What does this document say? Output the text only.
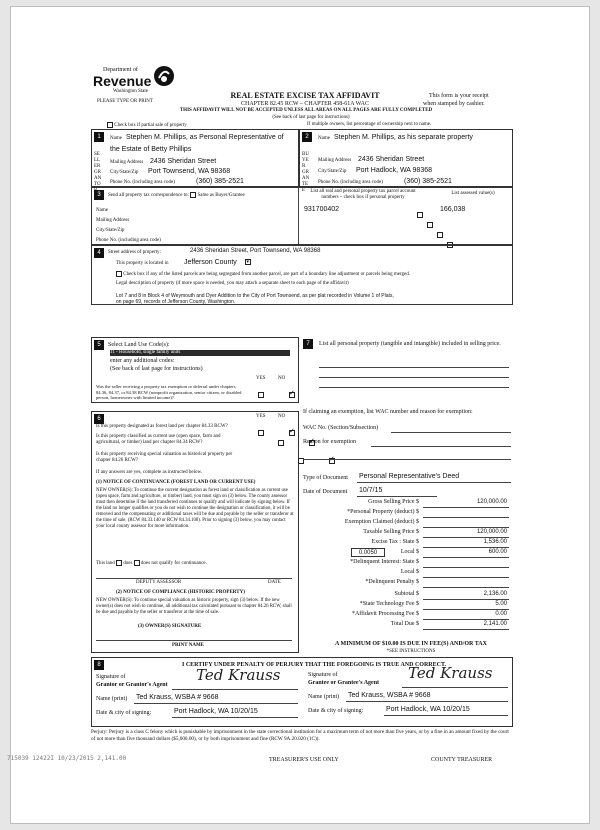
Department of
Revenue
Washington State
PLEASE TYPE OR PRINT
REAL ESTATE EXCISE TAX AFFIDAVIT
CHAPTER 82.45 RCW – CHAPTER 458-61A WAC
THIS AFFIDAVIT WILL NOT BE ACCEPTED UNLESS ALL AREAS ON ALL PAGES ARE FULLY COMPLETED
(See back of last page for instructions)
This form is your receipt
when stamped by cashier.
Check box if partial sale of property	If multiple owners, list percentage of ownership next to name.
1
SELLER GRANTO
Name Stephen M. Phillips, as Personal Representative of
the Estate of Betty Phillips
Mailing Address 2436 Sheridan Street
City/State/Zip Port Townsend, WA 98368
Phone No. (including area code)	(360) 385-2521
2
BUYER GRANTEE
Name Stephen M. Phillips, as his separate property
Mailing Address 2436 Sheridan Street
City/State/Zip Port Hadlock, WA 98368
Phone No. (including area code)	(360) 385-2521
3	Send all property tax correspondence to: Same as Buyer/Grantee
Name
Mailing Address
City/State/Zip
Phone No. (including area code)
List all real and personal property tax parcel account numbers – check box if personal property
List assessed value(s)
931700402	166,038

4	Street address of property:	2436 Sheridan Street, Port Townsend, WA 98368
This property is located in Jefferson County ▾
Check box if any of the listed parcels are being segregated from another parcel, are part of a boundary line adjustment or parcels being merged.
Legal description of property (if more space is needed, you may attach a separate sheet to each page of the affidavit)
Lot 7 and 8 in Block 4 of Weymouth and Dyer Addition to the City of Port Townsend, as per plat recorded in Volume 1 of Plats,
on page 69, records of Jefferson County, Washington.
5	Select Land Use Code(s):
11 - Household, single family units
enter any additional codes:
(See back of last page for instructions)
YES	NO
Was the seller receiving a property tax exemption or deferral under chapters 84.36, 84.37, or 84.38 RCW (nonprofit organization, senior citizen, or disabled person, homeowner with limited income)?
✓
6	YES	NO
Is this property designated as forest land per chapter 84.33 RCW?
✓
Is this property classified as current use (open space, farm and agricultural, or timber) land per chapter 84.34 RCW?
✓
Is this property receiving special valuation as historical property per chapter 84.26 RCW?
✓
If any answers are yes, complete as instructed below.
(1) NOTICE OF CONTINUANCE (FOREST LAND OR CURRENT USE)
NEW OWNER(S): To continue the current designation as forest land or classification as current use (open space, farm and agriculture, or timber) land, you must sign on (3) below. The county assessor must then determine if the land transferred continues to qualify and will indicate by signing below. If the land no longer qualifies or you do not wish to continue the designation or classification, it will be removed and the compensating or additional taxes will be due and payable by the seller or transferor at the time of sale. (RCW 84.33.140 or RCW 84.34.108). Prior to signing (3) below, you may contact your local county assessor for more information.
This land does does not qualify for continuance.
DEPUTY ASSESSOR	DATE
(2) NOTICE OF COMPLIANCE (HISTORIC PROPERTY)
NEW OWNER(S): To continue special valuation as historic property, sign (3) below. If the new owner(s) does not wish to continue, all additional tax calculated pursuant to chapter 84.26 RCW, shall be due and payable by the seller or transferor at the time of sale.
(3) OWNER(S) SIGNATURE
PRINT NAME
7	List all personal property (tangible and intangible) included in selling price.
If claiming an exemption, list WAC number and reason for exemption:
WAC No. (Section/Subsection)
Reason for exemption
Type of Document Personal Representative's Deed
Date of Document 10/7/15
Gross Selling Price $	120,000.00
*Personal Property (deduct) $
Exemption Claimed (deduct) $
Taxable Selling Price $	120,000.00
Excise Tax : State $	1,536.00
0.0050	Local $	600.00
*Delinquent Interest: State $
Local $
*Delinquent Penalty $
Subtotal $	2,136.00
*State Technology Fee $	5.00
*Affidavit Processing Fee $	0.00
Total Due $	2,141.00
A MINIMUM OF $10.00 IS DUE IN FEE(S) AND/OR TAX
*SEE INSTRUCTIONS
8	I CERTIFY UNDER PENALTY OF PERJURY THAT THE FOREGOING IS TRUE AND CORRECT.
Signature of
Grantor or Grantor's Agent
Ted Krauss
Name (print) Ted Krauss, WSBA # 9668
Date & city of signing:	Port Hadlock, WA 10/20/15
Signature of
Grantee or Grantee's Agent
Ted Krauss
Name (print) Ted Krauss, WSBA # 9668
Date & city of signing:	Port Hadlock, WA 10/20/15
Perjury: Perjury is a class C felony which is punishable by imprisonment in the state correctional institution for a maximum term of not more than five years, or by a fine in an amount fixed by the court of not more than five thousand dollars ($5,000.00), or by both imprisonment and fine (RCW 9A.20.020 (1C)).
715039 12422I 10/23/2015 2,141.00	TREASURER'S USE ONLY	COUNTY TREASURER
